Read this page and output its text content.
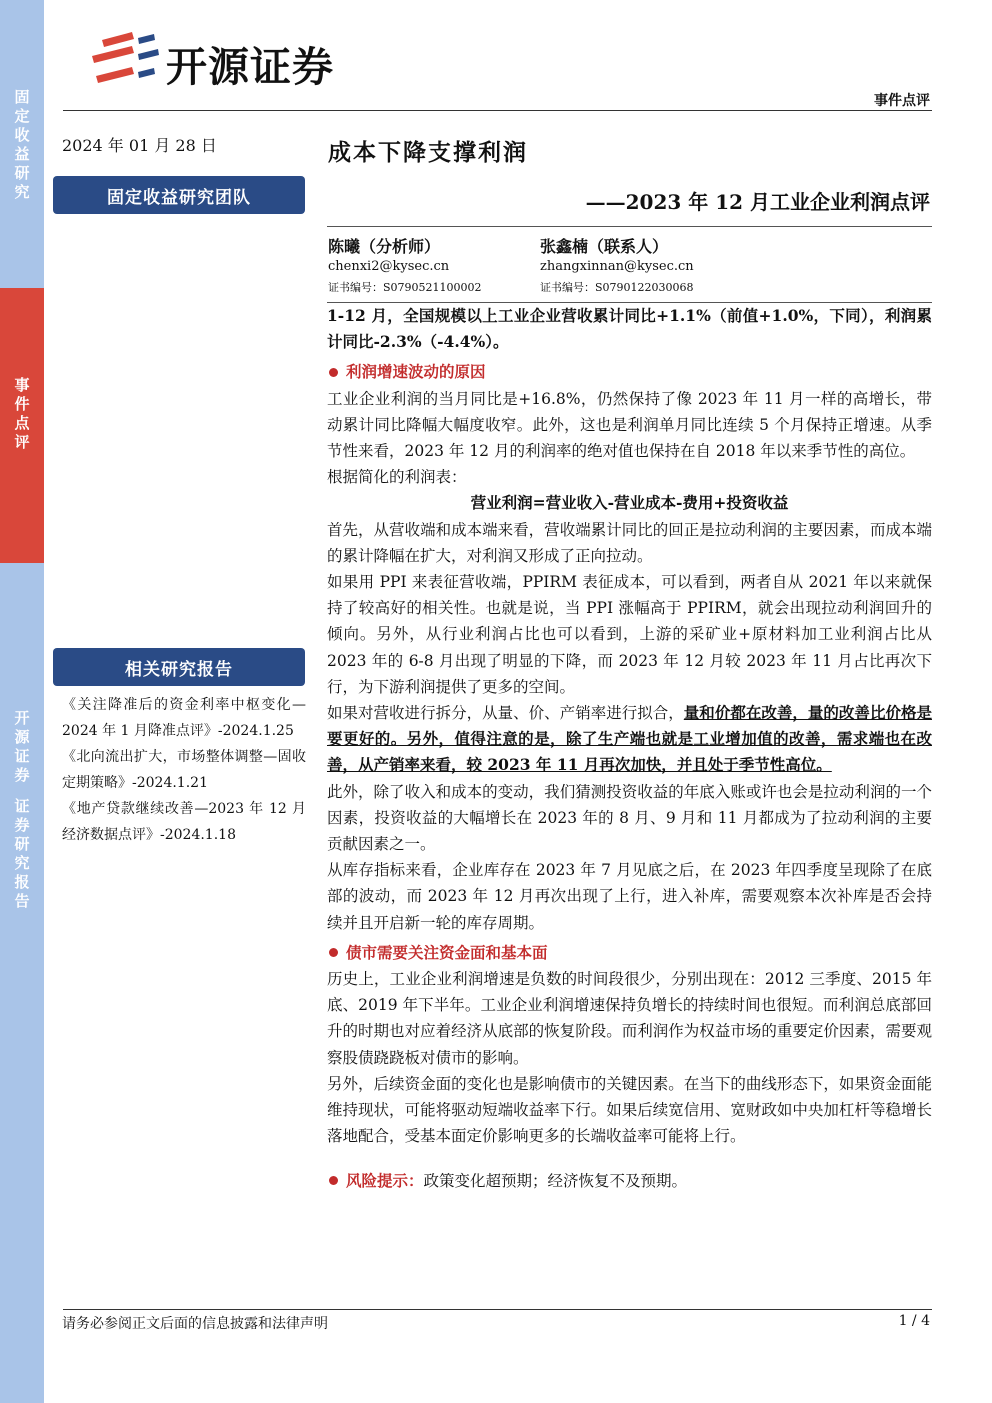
固
定
收
益
研
究
事
件
点
评
开
源
证
券
证
券
研
究
报
告
开源证券
事件点评
2024 年 01 月 28 日
固定收益研究团队
相关研究报告

《关注降准后的资金利率中枢变化—2024 年 1 月降准点评》-2024.1.25

《北向流出扩大，市场整体调整—固收定期策略》-2024.1.21

《地产贷款继续改善—2023 年 12 月经济数据点评》-2024.1.18

成本下降支撑利润
——2023 年 12 月工业企业利润点评
陈曦（分析师）
chenxi2@kysec.cn
证书编号：S0790521100002
张鑫楠（联系人）
zhangxinnan@kysec.cn
证书编号：S0790122030068

1-12 月，全国规模以上工业企业营收累计同比+1.1%（前值+1.0%，下同），利润累计同比-2.3%（-4.4%）。

利润增速波动的原因

工业企业利润的当月同比是+16.8%，仍然保持了像 2023 年 11 月一样的高增长，带动累计同比降幅大幅度收窄。此外，这也是利润单月同比连续 5 个月保持正增速。从季节性来看，2023 年 12 月的利润率的绝对值也保持在自 2018 年以来季节性的高位。

根据简化的利润表：

营业利润=营业收入-营业成本-费用+投资收益

首先，从营收端和成本端来看，营收端累计同比的回正是拉动利润的主要因素，而成本端的累计降幅在扩大，对利润又形成了正向拉动。

如果用 PPI 来表征营收端，PPIRM 表征成本，可以看到，两者自从 2021 年以来就保持了较高好的相关性。也就是说，当 PPI 涨幅高于 PPIRM，就会出现拉动利润回升的倾向。另外，从行业利润占比也可以看到，上游的采矿业+原材料加工业利润占比从 2023 年的 6-8 月出现了明显的下降，而 2023 年 12 月较 2023 年 11 月占比再次下行，为下游利润提供了更多的空间。

如果对营收进行拆分，从量、价、产销率进行拟合，量和价都在改善，量的改善比价格是要更好的。另外，值得注意的是，除了生产端也就是工业增加值的改善，需求端也在改善，从产销率来看，较 2023 年 11 月再次加快，并且处于季节性高位。

此外，除了收入和成本的变动，我们猜测投资收益的年底入账或许也会是拉动利润的一个因素，投资收益的大幅增长在 2023 年的 8 月、9 月和 11 月都成为了拉动利润的主要贡献因素之一。

从库存指标来看，企业库存在 2023 年 7 月见底之后，在 2023 年四季度呈现除了在底部的波动，而 2023 年 12 月再次出现了上行，进入补库，需要观察本次补库是否会持续并且开启新一轮的库存周期。

债市需要关注资金面和基本面

历史上，工业企业利润增速是负数的时间段很少，分别出现在：2012 三季度、2015 年底、2019 年下半年。工业企业利润增速保持负增长的持续时间也很短。而利润总底部回升的时期也对应着经济从底部的恢复阶段。而利润作为权益市场的重要定价因素，需要观察股债跷跷板对债市的影响。

另外，后续资金面的变化也是影响债市的关键因素。在当下的曲线形态下，如果资金面能维持现状，可能将驱动短端收益率下行。如果后续宽信用、宽财政如中央加杠杆等稳增长落地配合，受基本面定价影响更多的长端收益率可能将上行。

风险提示： 政策变化超预期；经济恢复不及预期。

请务必参阅正文后面的信息披露和法律声明	1 / 4
